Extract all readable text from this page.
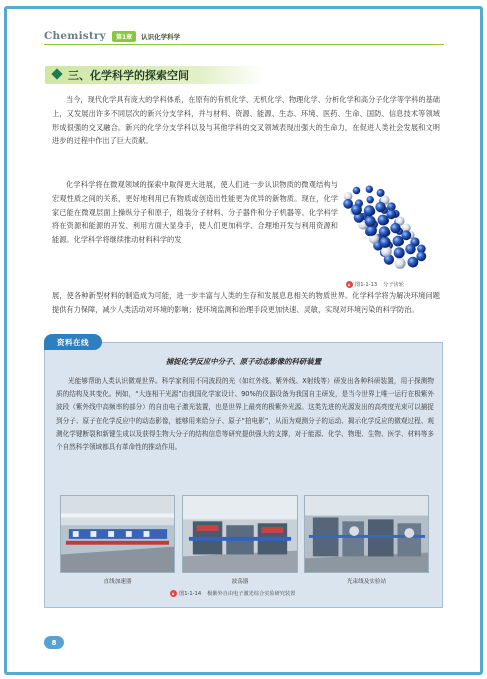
Chemistry	第1章	认识化学科学
三、化学科学的探索空间

当今，现代化学具有庞大的学科体系，在原有的有机化学、无机化学、物理化学、分析化学和高分子化学等学科的基础上，又发展出许多不同层次的新兴分支学科，并与材料、资源、能源、生态、环境、医药、生命、国防、信息技术等领域形成很强的交叉融合。新兴的化学分支学科以及与其他学科的交叉领域表现出强大的生命力，在促进人类社会发展和文明进步的过程中作出了巨大贡献。

化学科学将在微观领域的探索中取得更大进展，使人们进一步认识物质的微观结构与宏观性质之间的关系，更好地利用已有物质或创造出性能更为优异的新物质。现在，化学家已能在微观层面上操纵分子和原子，组装分子材料、分子器件和分子机器等。化学科学将在资源和能源的开发、利用方面大显身手，使人们更加科学、合理地开发与利用资源和能源。化学科学将继续推动材料科学的发

图1-1-13 分子齿轮

展，使各种新型材料的制造成为可能，进一步丰富与人类的生存和发展息息相关的物质世界。化学科学将为解决环境问题提供有力保障，减少人类活动对环境的影响；使环境监测和治理手段更加快速、灵敏，实现对环境污染的科学防治。

资料在线
捕捉化学反应中分子、原子动态影像的科研装置

光能够帮助人类认识微观世界。科学家利用不同波段的光（如红外线、紫外线、X射线等）研发出各种科研装置，用于探测物质的结构及其变化。例如，“大连相干光源”由我国化学家设计、90%的仪器设备为我国自主研发，是当今世界上唯一运行在极紫外波段（紫外线中高频率的部分）的自由电子激光装置，也是世界上最亮的极紫外光源。这类先进的光源发出的高亮度光束可以捕捉到分子、原子在化学反应中的动态影像，能够用来给分子、原子“拍电影”，从而为观测分子的运动、揭示化学反应的微观过程、观测化学键断裂和新键生成以及获得生物大分子的结构信息等研究提供强大的支撑，对于能源、化学、物理、生物、医学、材料等多个自然科学领域都具有革命性的推动作用。

直线加速器	波荡器	光束线及实验站
图1-1-14 极紫外自由电子激光综合实验研究装置
8
